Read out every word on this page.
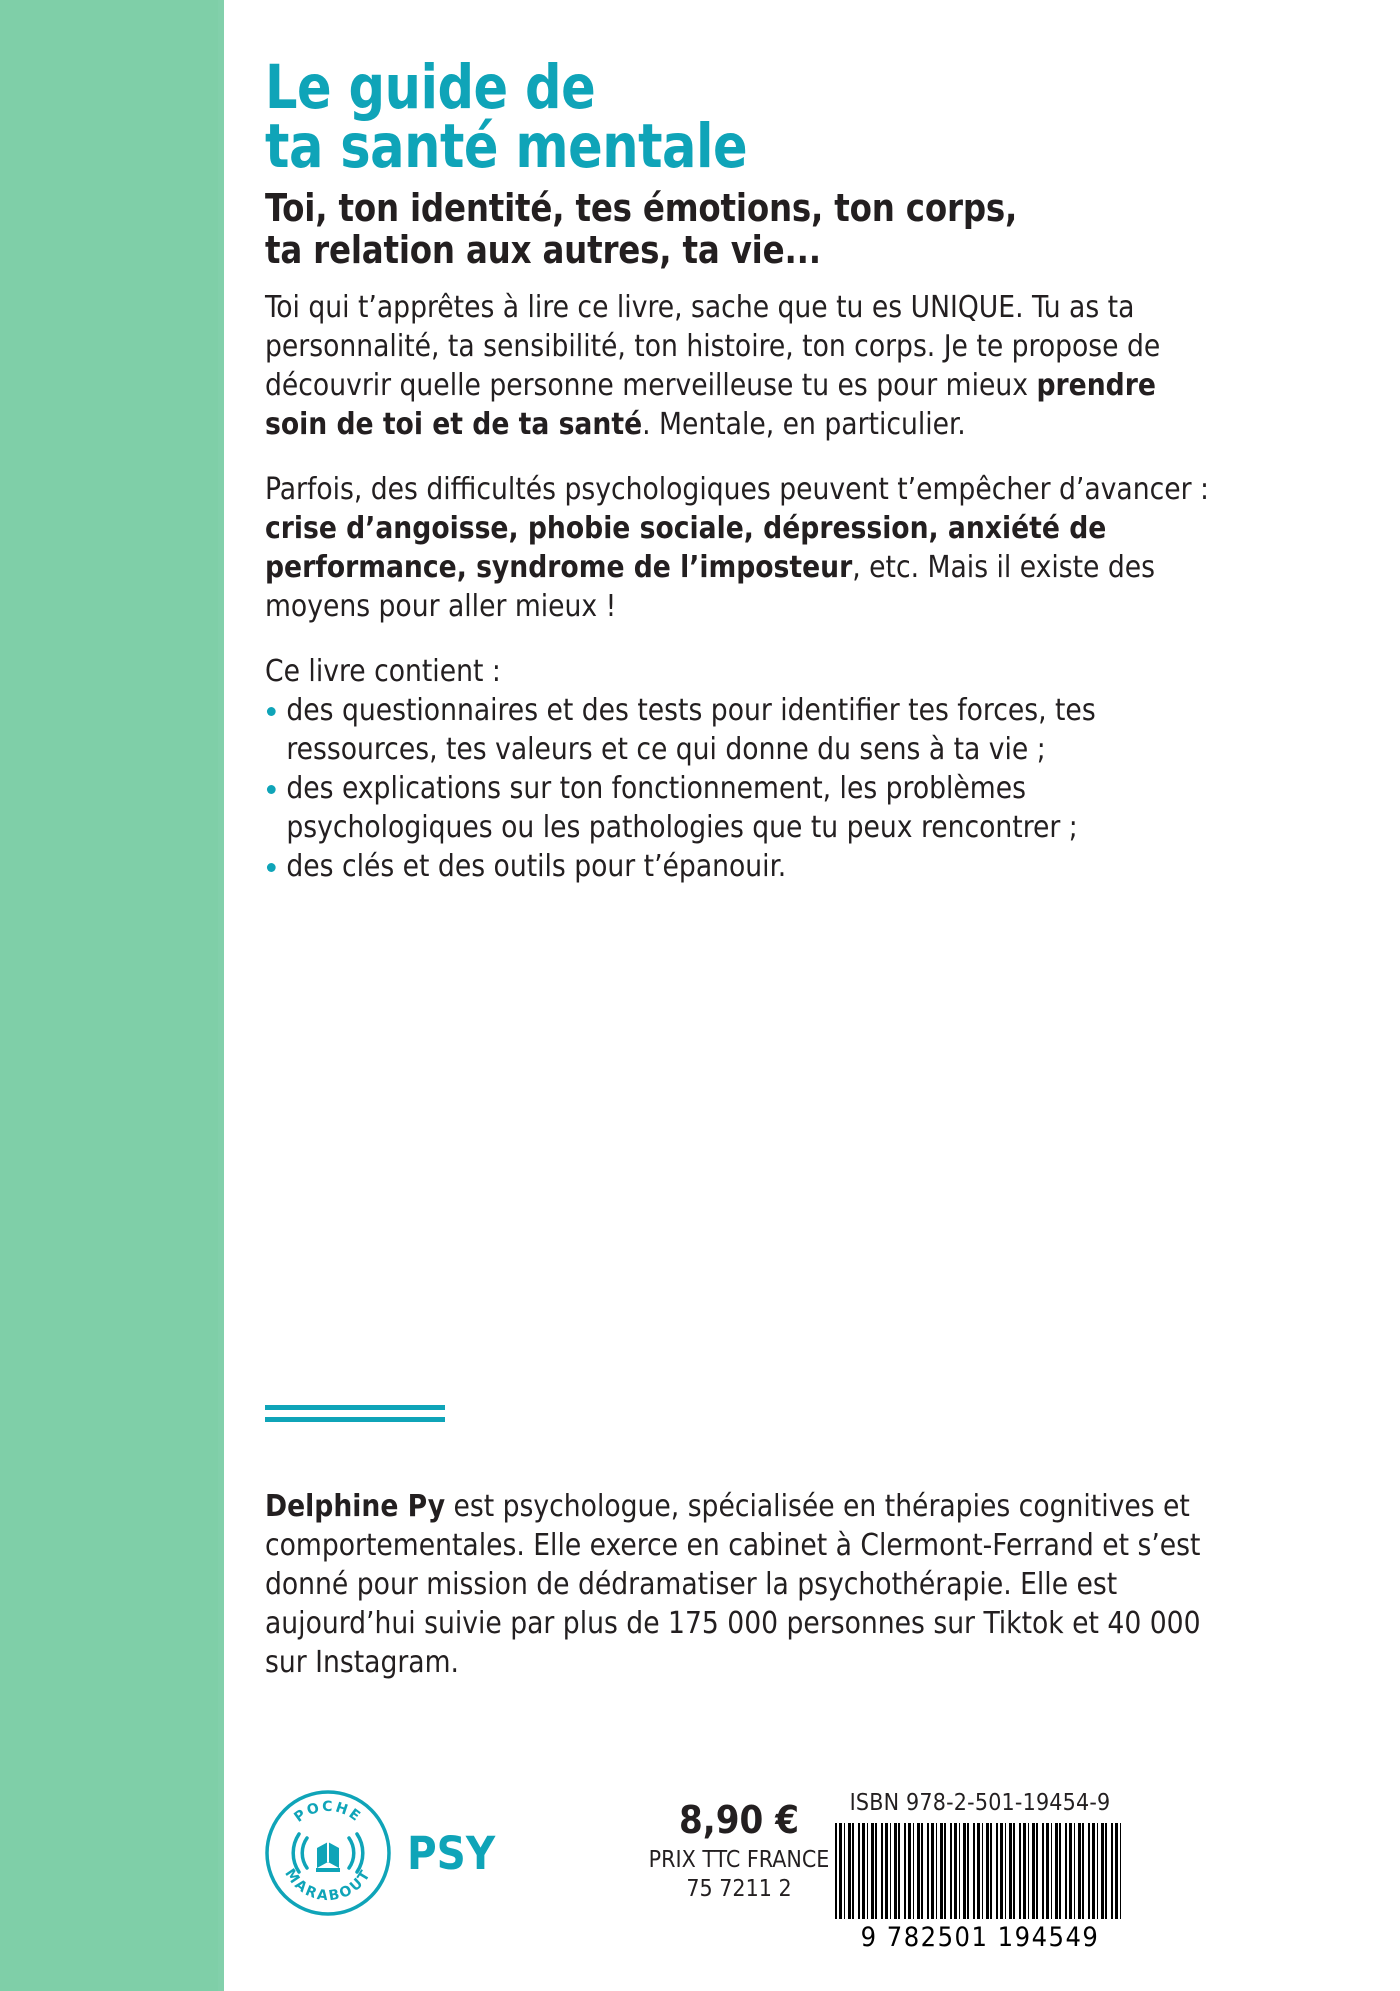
Le guide de
ta santé mentale
Toi, ton identité, tes émotions, ton corps,
ta relation aux autres, ta vie...

Toi qui t’apprêtes à lire ce livre, sache que tu es UNIQUE. Tu as ta personnalité, ta sensibilité, ton histoire, ton corps. Je te propose de découvrir quelle personne merveilleuse tu es pour mieux prendre soin de toi et de ta santé. Mentale, en particulier.

Parfois, des difficultés psychologiques peuvent t’empêcher d’avancer : crise d’angoisse, phobie sociale, dépression, anxiété de performance, syndrome de l’imposteur, etc. Mais il existe des moyens pour aller mieux !

Ce livre contient :

des questionnaires et des tests pour identifier tes forces, tes ressources, tes valeurs et ce qui donne du sens à ta vie ;
des explications sur ton fonctionnement, les problèmes psychologiques ou les pathologies que tu peux rencontrer ;
des clés et des outils pour t’épanouir.

Delphine Py est psychologue, spécialisée en thérapies cognitives et comportementales. Elle exerce en cabinet à Clermont-Ferrand et s’est donné pour mission de dédramatiser la psychothérapie. Elle est aujourd’hui suivie par plus de 175 000 personnes sur Tiktok et 40 000 sur Instagram.

POCHE
MARABOUT PSY
8,90 €
PRIX TTC FRANCE
75 7211 2
ISBN 978-2-501-19454-9
9 782501 194549
